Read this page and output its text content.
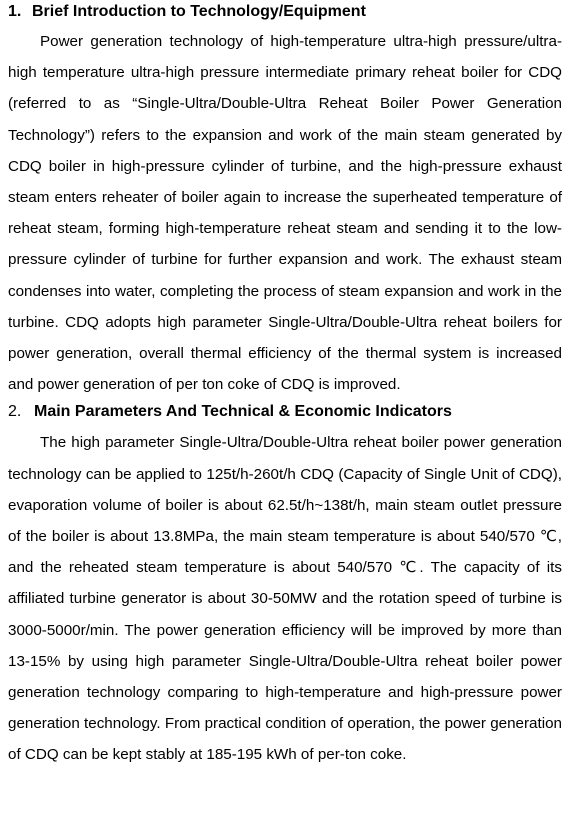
1. Brief Introduction to Technology/Equipment

Power generation technology of high-temperature ultra-high pressure/ultra-high temperature ultra-high pressure intermediate primary reheat boiler for CDQ (referred to as “Single-Ultra/Double-Ultra Reheat Boiler Power Generation Technology”) refers to the expansion and work of the main steam generated by CDQ boiler in high-pressure cylinder of turbine, and the high-pressure exhaust steam enters reheater of boiler again to increase the superheated temperature of reheat steam, forming high-temperature reheat steam and sending it to the low-pressure cylinder of turbine for further expansion and work. The exhaust steam condenses into water, completing the process of steam expansion and work in the turbine. CDQ adopts high parameter Single-Ultra/Double-Ultra reheat boilers for power generation, overall thermal efficiency of the thermal system is increased and power generation of per ton coke of CDQ is improved.

2. Main Parameters And Technical & Economic Indicators

The high parameter Single-Ultra/Double-Ultra reheat boiler power generation technology can be applied to 125t/h-260t/h CDQ (Capacity of Single Unit of CDQ), evaporation volume of boiler is about 62.5t/h~138t/h, main steam outlet pressure of the boiler is about 13.8MPa, the main steam temperature is about 540/570 ℃, and the reheated steam temperature is about 540/570 ℃. The capacity of its affiliated turbine generator is about 30-50MW and the rotation speed of turbine is 3000-5000r/min. The power generation efficiency will be improved by more than 13-15% by using high parameter Single-Ultra/Double-Ultra reheat boiler power generation technology comparing to high-temperature and high-pressure power generation technology. From practical condition of operation, the power generation of CDQ can be kept stably at 185-195 kWh of per-ton coke.
